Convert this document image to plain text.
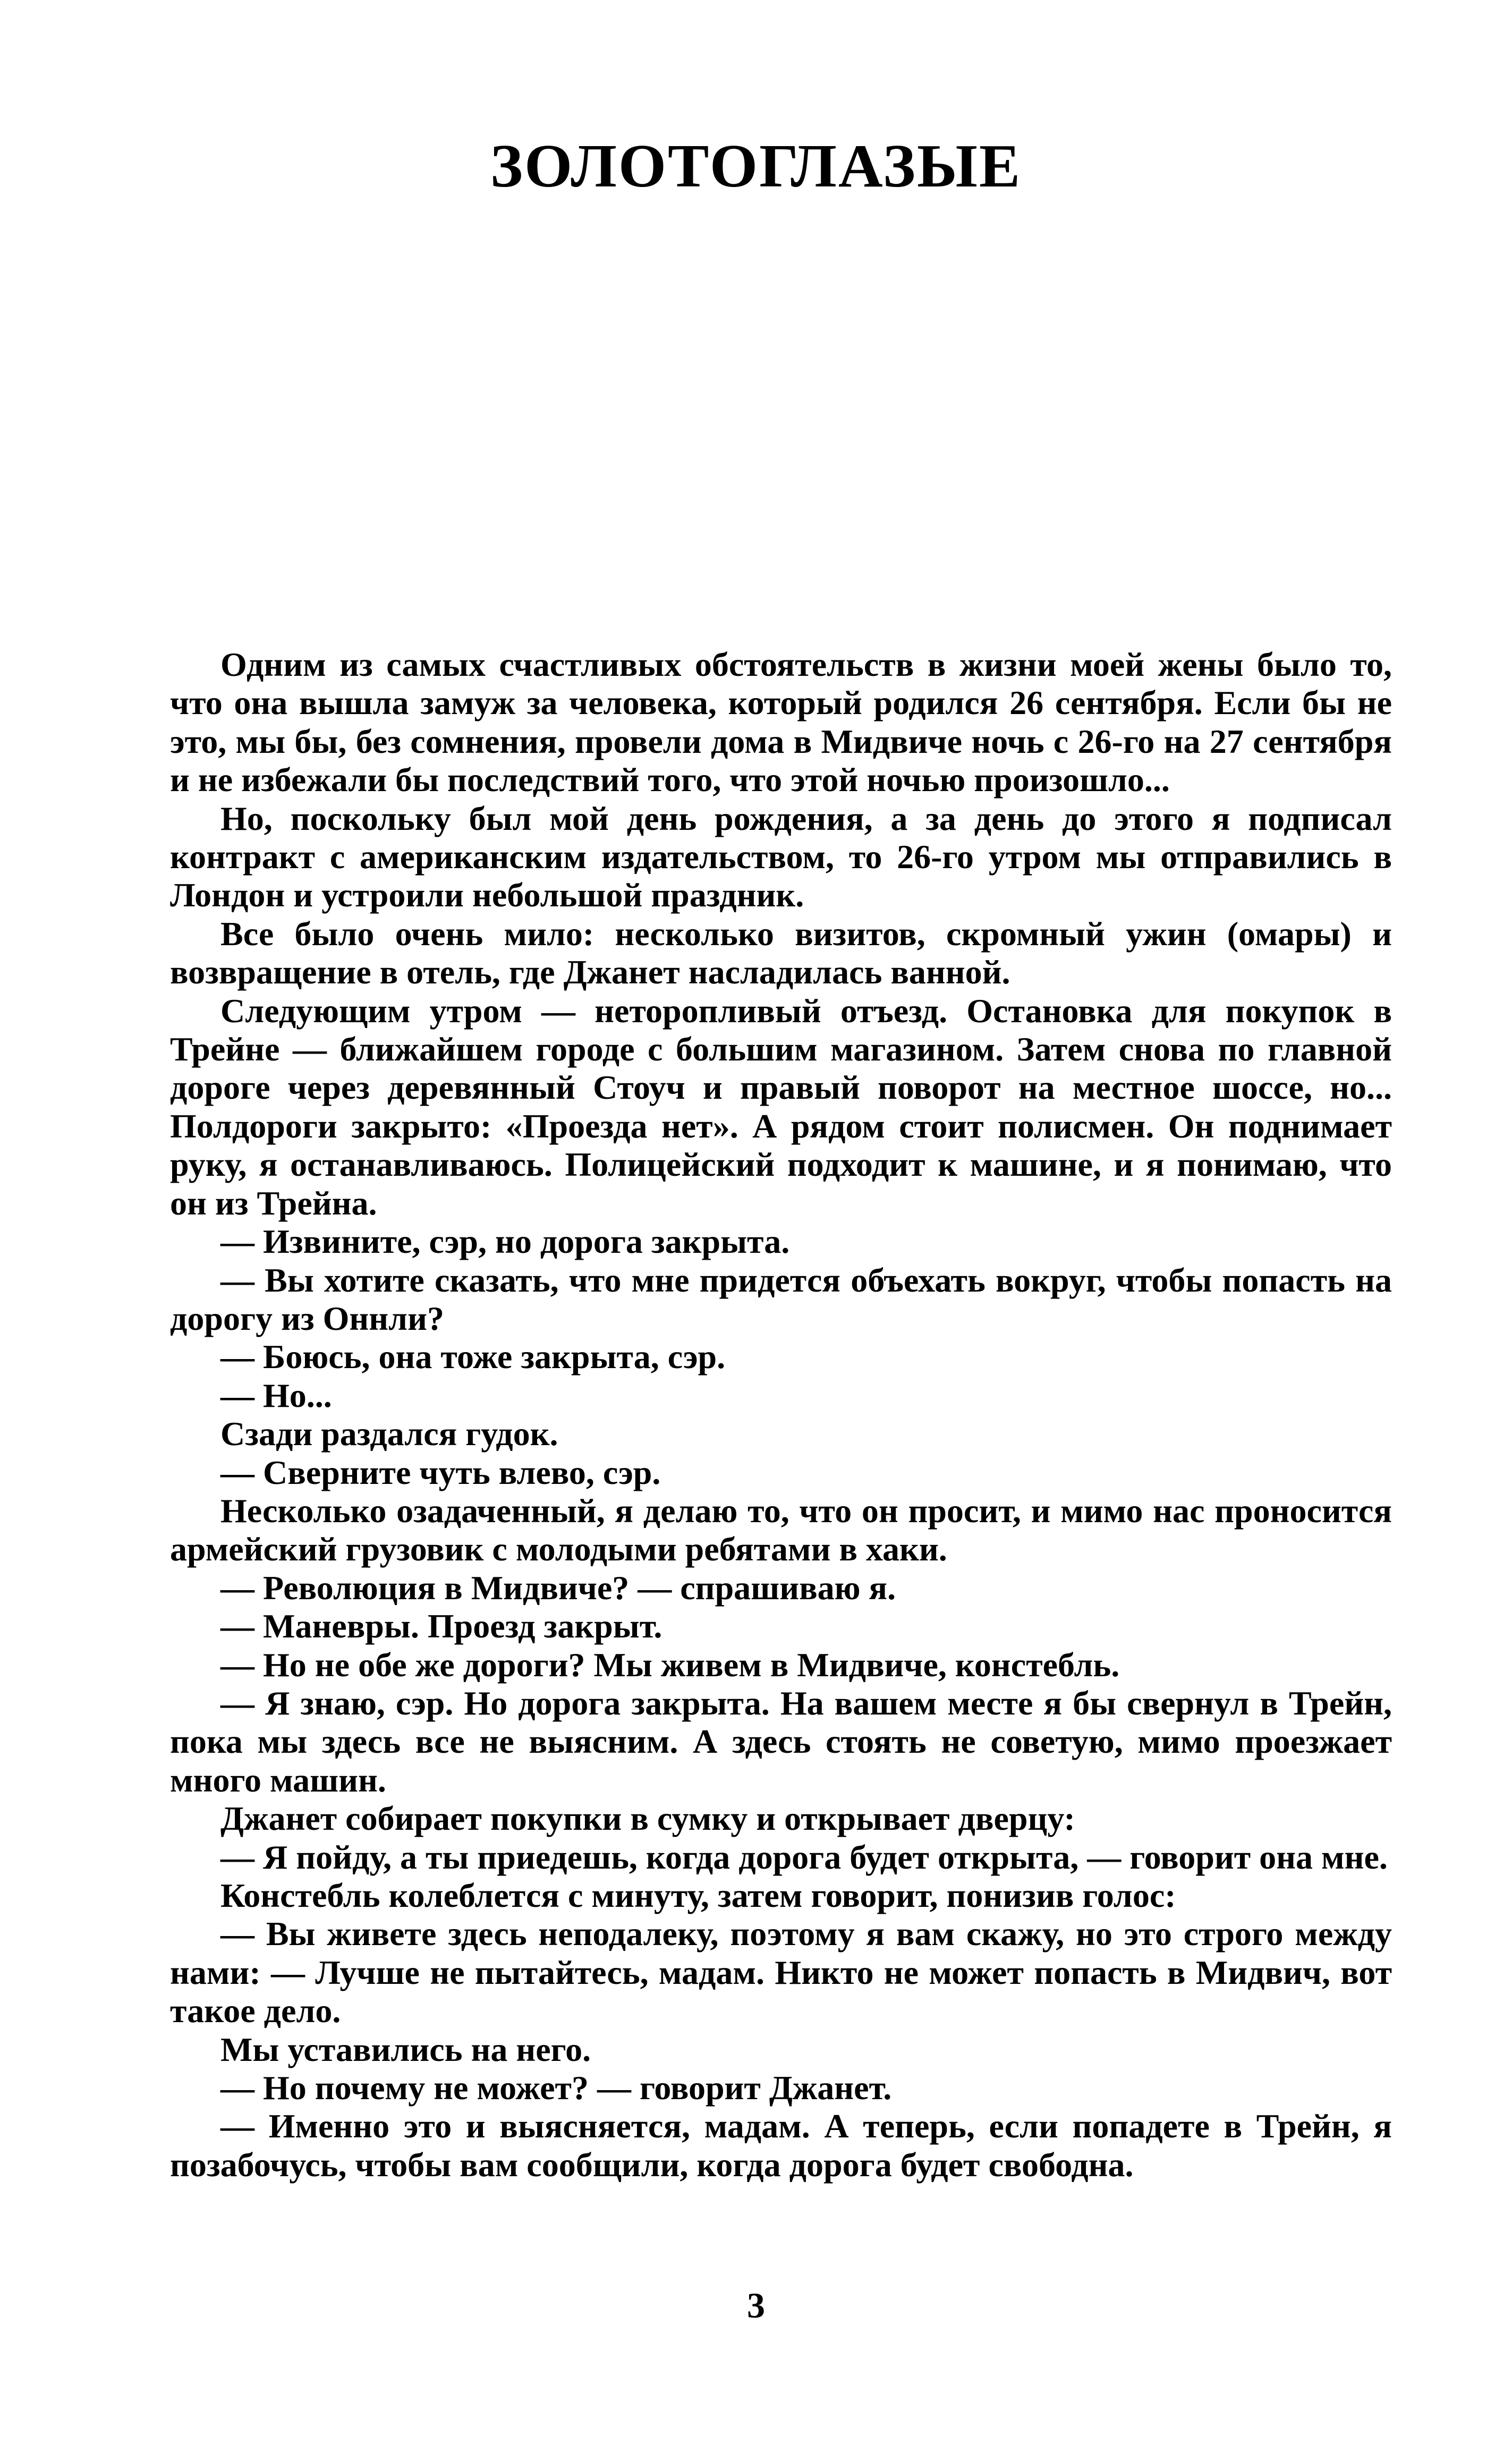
ЗОЛОТОГЛАЗЫЕ

Одним из самых счастливых обстоятельств в жизни моей жены было то, что она вышла замуж за человека, который родился 26 сентября. Если бы не это, мы бы, без сомнения, провели дома в Мидвиче ночь с 26-го на 27 сентября и не избежали бы последствий того, что этой ночью произошло...

Но, поскольку был мой день рождения, а за день до этого я подписал контракт с американским издательством, то 26-го утром мы отправились в Лондон и устроили небольшой праздник.

Все было очень мило: несколько визитов, скромный ужин (омары) и возвращение в отель, где Джанет насладилась ванной.

Следующим утром — неторопливый отъезд. Остановка для покупок в Трейне — ближайшем городе с большим магазином. Затем снова по главной дороге через деревянный Стоуч и правый поворот на местное шоссе, но... Полдороги закрыто: «Проезда нет». А рядом стоит полисмен. Он поднимает руку, я останавливаюсь. Полицейский подходит к машине, и я понимаю, что он из Трейна.

— Извините, сэр, но дорога закрыта.

— Вы хотите сказать, что мне придется объехать вокруг, чтобы попасть на дорогу из Оннли?

— Боюсь, она тоже закрыта, сэр.

— Но...

Сзади раздался гудок.

— Сверните чуть влево, сэр.

Несколько озадаченный, я делаю то, что он просит, и мимо нас проносится армейский грузовик с молодыми ребятами в хаки.

— Революция в Мидвиче? — спрашиваю я.

— Маневры. Проезд закрыт.

— Но не обе же дороги? Мы живем в Мидвиче, констебль.

— Я знаю, сэр. Но дорога закрыта. На вашем месте я бы свернул в Трейн, пока мы здесь все не выясним. А здесь стоять не советую, мимо проезжает много машин.

Джанет собирает покупки в сумку и открывает дверцу:

— Я пойду, а ты приедешь, когда дорога будет открыта, — говорит она мне.

Констебль колеблется с минуту, затем говорит, понизив голос:

— Вы живете здесь неподалеку, поэтому я вам скажу, но это строго между нами: — Лучше не пытайтесь, мадам. Никто не может попасть в Мидвич, вот такое дело.

Мы уставились на него.

— Но почему не может? — говорит Джанет.

— Именно это и выясняется, мадам. А теперь, если попадете в Трейн, я позабочусь, чтобы вам сообщили, когда дорога будет свободна.

3
